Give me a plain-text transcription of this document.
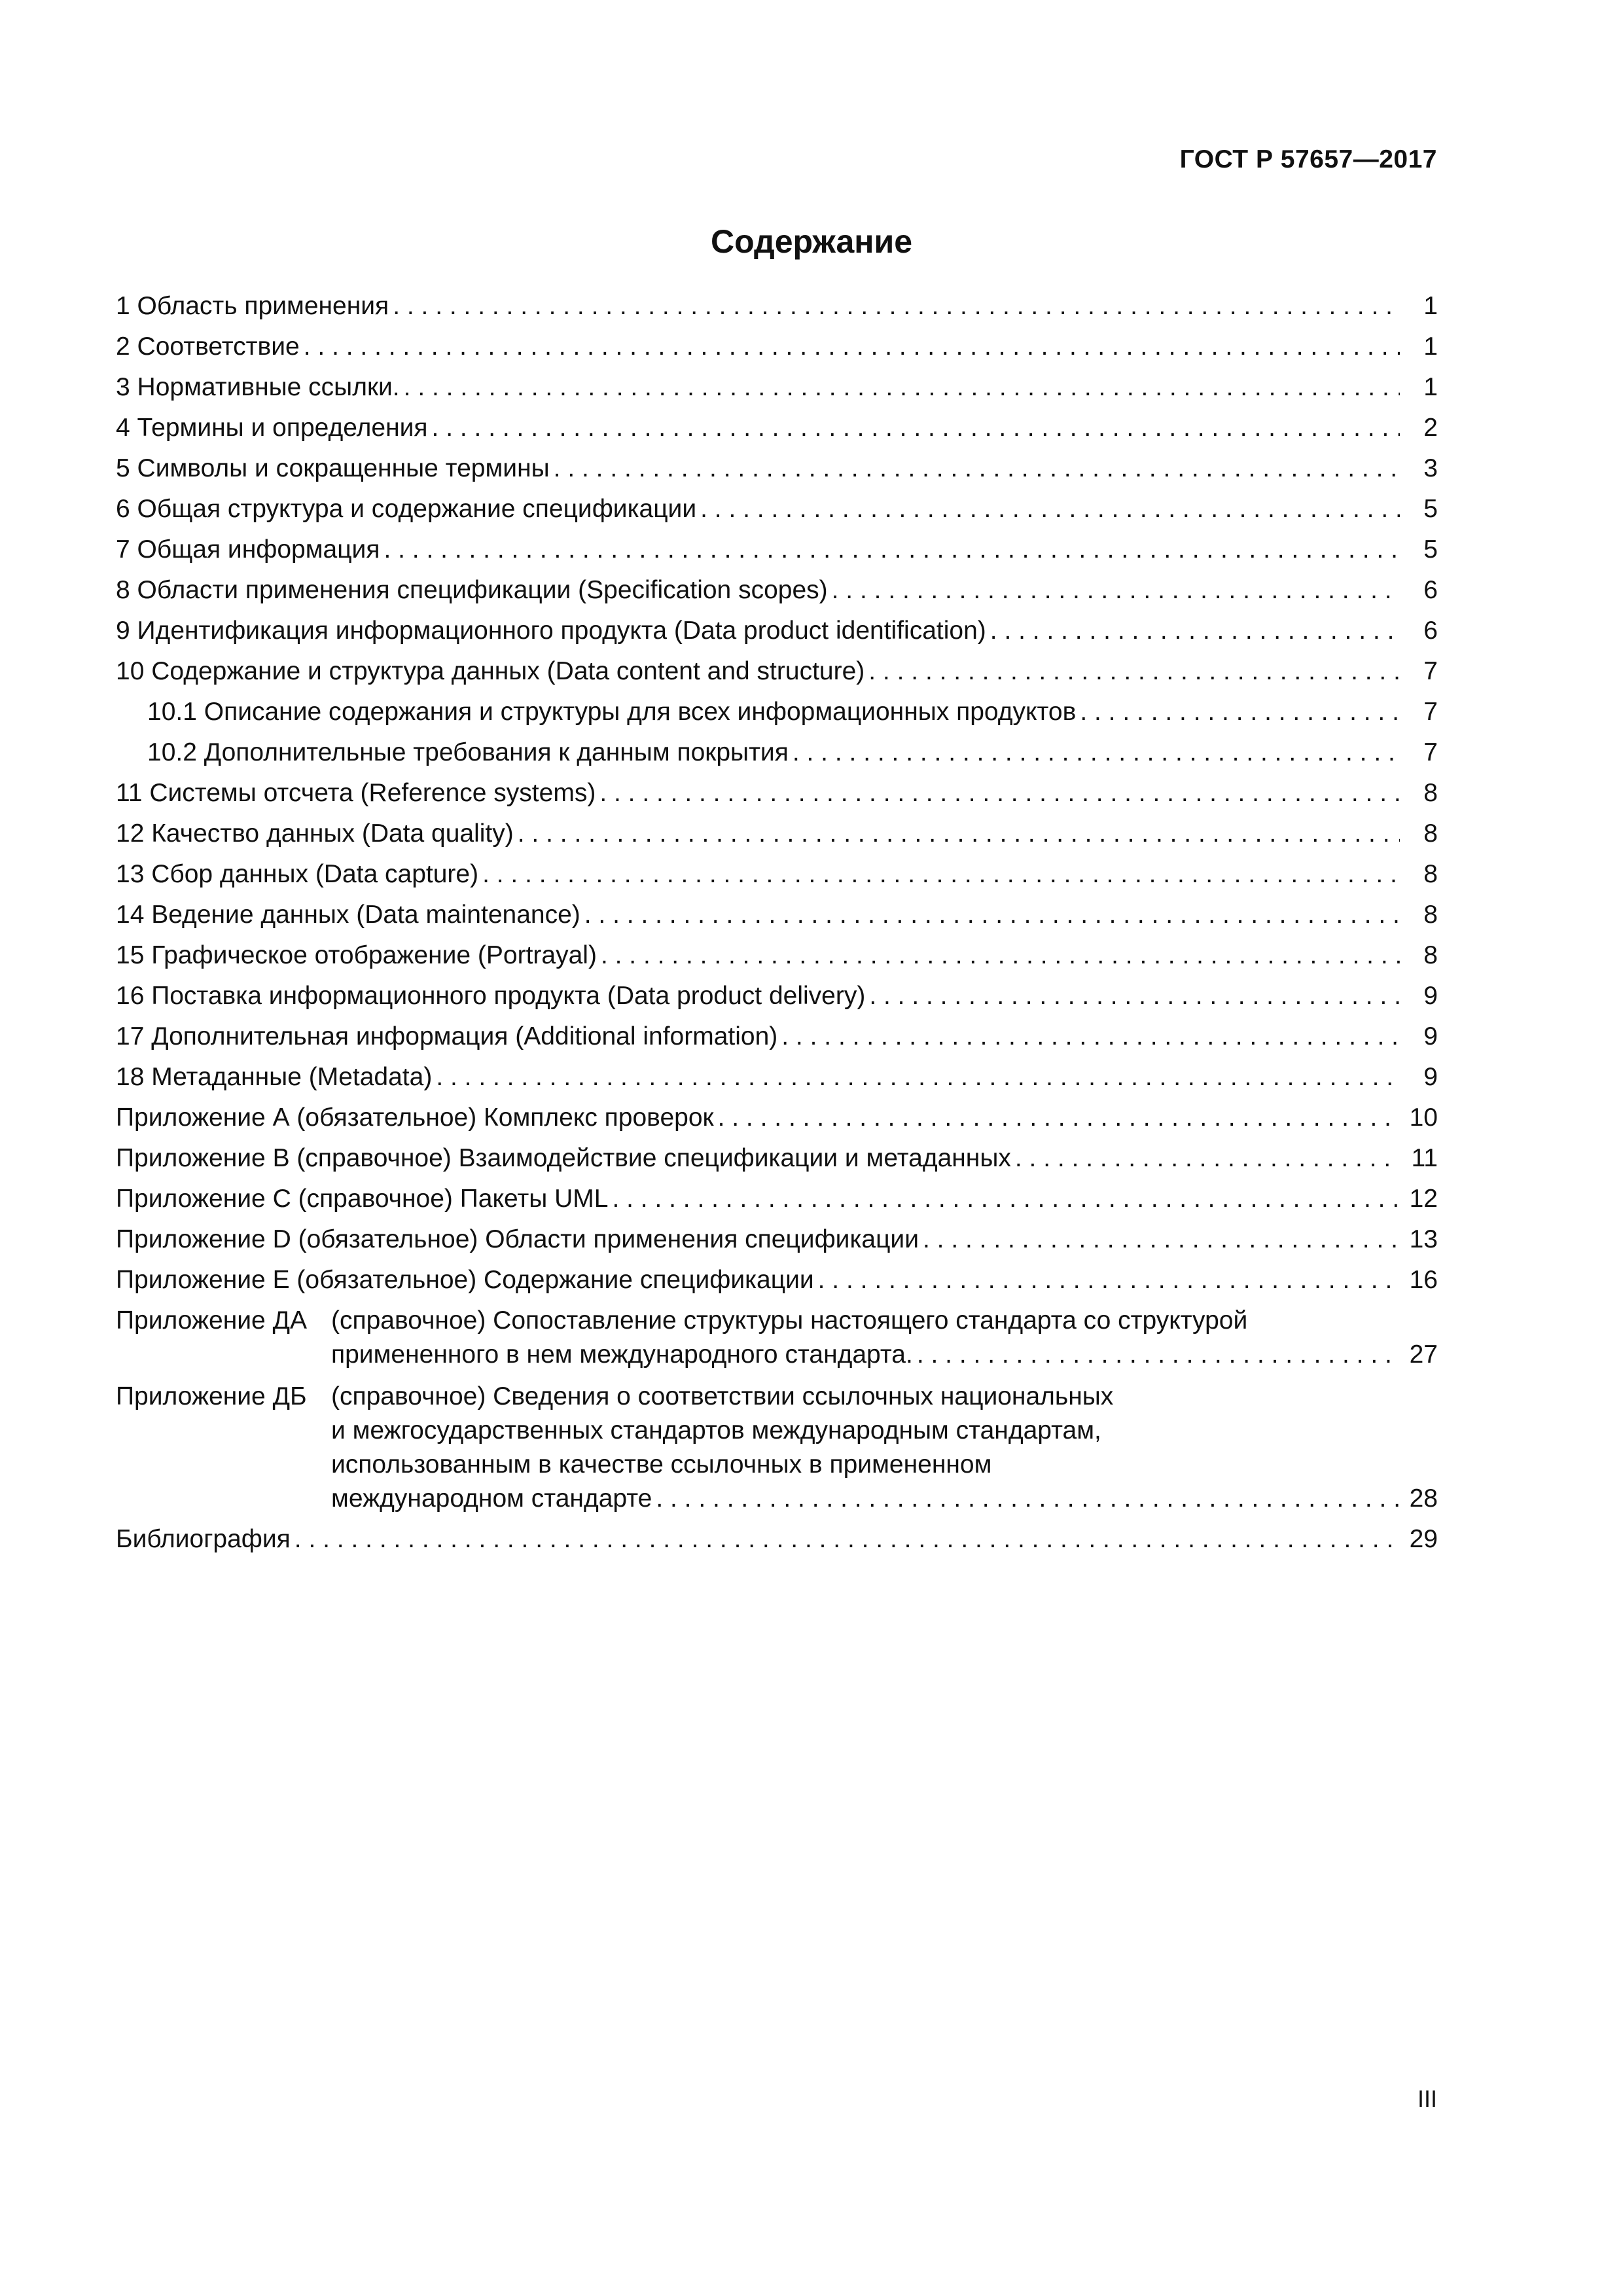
ГОСТ Р 57657—2017
Содержание
1 Область применения . . .	1
2 Соответствие . . .	1
3 Нормативные ссылки. . . .	1
4 Термины и определения . . .	2
5 Символы и сокращенные термины . . .	3
6 Общая структура и содержание спецификации . . .	5
7 Общая информация . . .	5
8 Области применения спецификации (Specification scopes) . . .	6
9 Идентификация информационного продукта (Data product identification) . . .	6
10 Содержание и структура данных (Data content and structure) . . .	7
10.1 Описание содержания и структуры для всех информационных продуктов . . .	7
10.2 Дополнительные требования к данным покрытия . . .	7
11 Системы отсчета (Reference systems) . . .	8
12 Качество данных (Data quality) . . .	8
13 Сбор данных (Data capture) . . .	8
14 Ведение данных (Data maintenance) . . .	8
15 Графическое отображение (Portrayal) . . .	8
16 Поставка информационного продукта (Data product delivery) . . .	9
17 Дополнительная информация (Additional information) . . .	9
18 Метаданные (Metadata) . . .	9
Приложение А (обязательное) Комплекс проверок . . .	10
Приложение В (справочное) Взаимодействие спецификации и метаданных . . .	11
Приложение С (справочное) Пакеты UML . . .	12
Приложение D (обязательное) Области применения спецификации . . .	13
Приложение Е (обязательное) Содержание спецификации . . .	16
Приложение ДА (справочное) Сопоставление структуры настоящего стандарта со структурой
примененного в нем международного стандарта. . . .	27
Приложение ДБ (справочное) Сведения о соответствии ссылочных национальных
и межгосударственных стандартов международным стандартам,
использованным в качестве ссылочных в примененном
международном стандарте . . .	28
Библиография . . .	29
III
